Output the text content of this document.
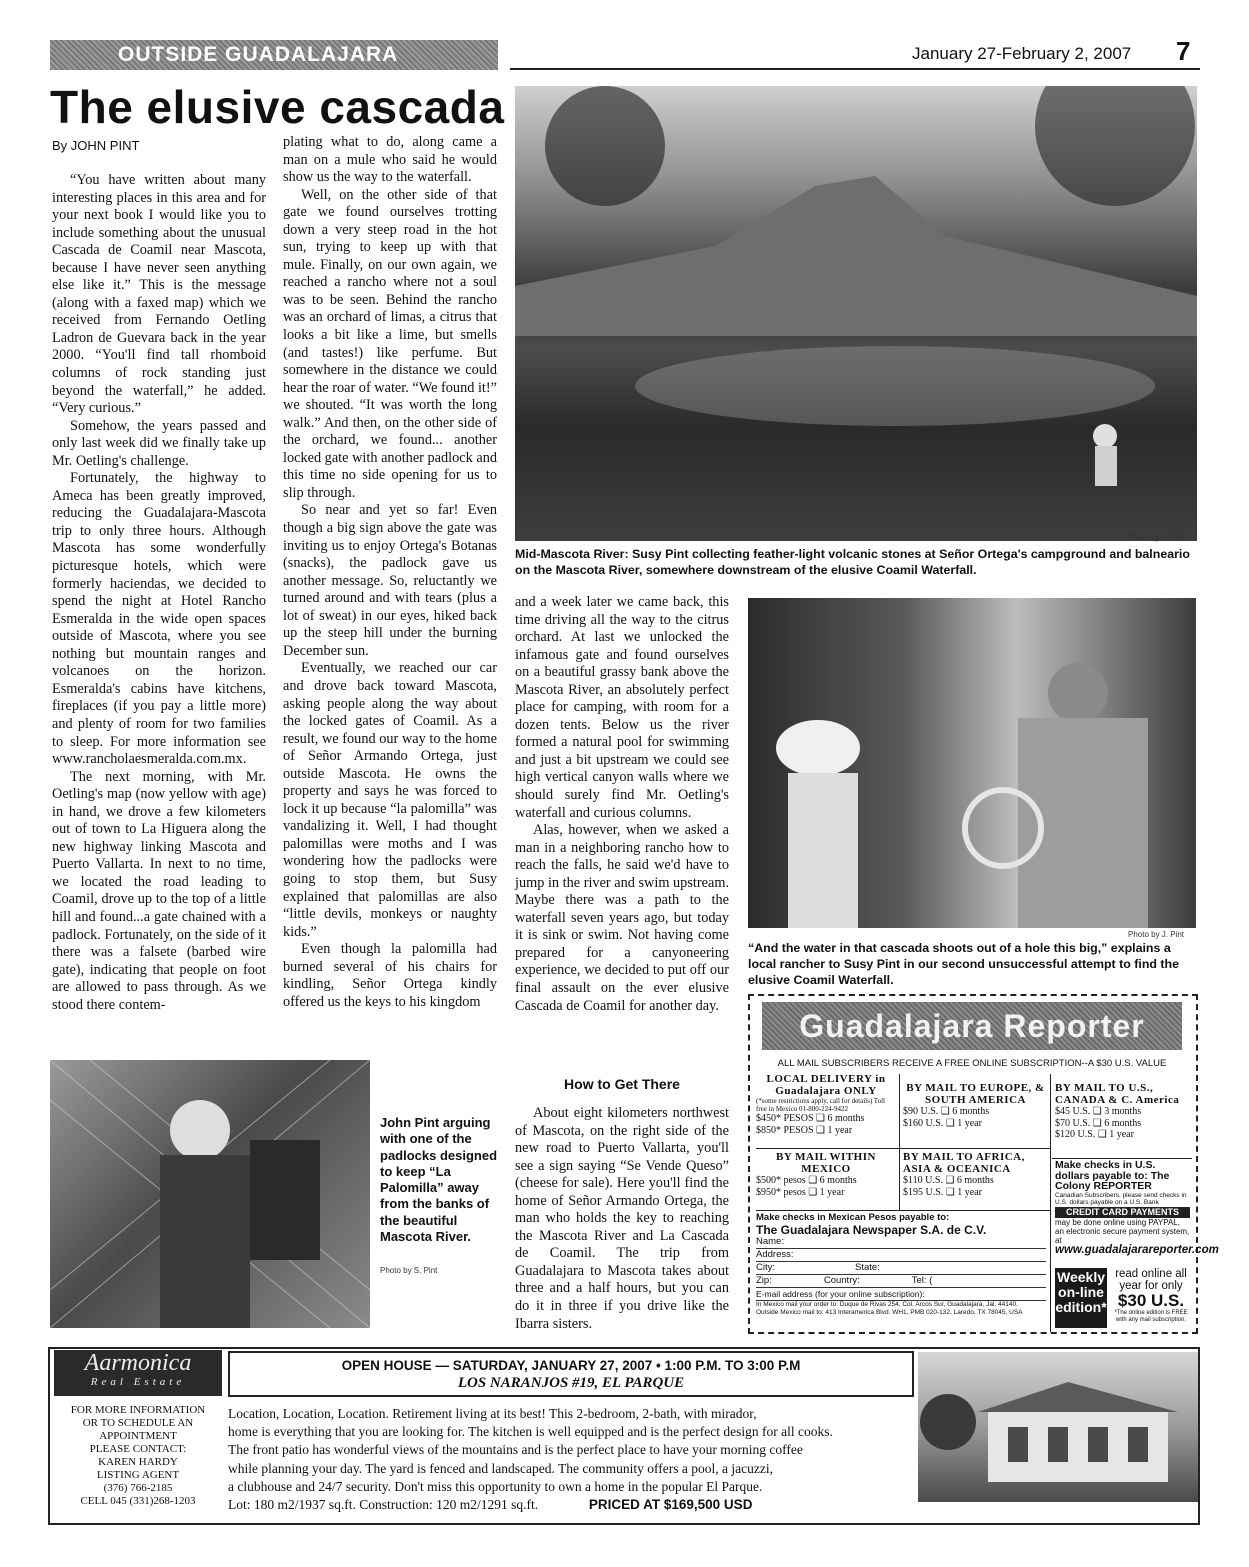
OUTSIDE GUADALAJARA	January 27-February 2, 2007 7
The elusive cascada
By JOHN PINT

“You have written about many interesting places in this area and for your next book I would like you to include something about the unusual Cascada de Coamil near Mascota, because I have never seen anything else like it.” This is the message (along with a faxed map) which we received from Fernando Oetling Ladron de Guevara back in the year 2000. “You'll find tall rhomboid columns of rock standing just beyond the waterfall,” he added. “Very curious.”

Somehow, the years passed and only last week did we finally take up Mr. Oetling's challenge.

Fortunately, the highway to Ameca has been greatly improved, reducing the Guadalajara-Mascota trip to only three hours. Although Mascota has some wonderfully picturesque hotels, which were formerly haciendas, we decided to spend the night at Hotel Rancho Esmeralda in the wide open spaces outside of Mascota, where you see nothing but mountain ranges and volcanoes on the horizon. Esmeralda's cabins have kitchens, fireplaces (if you pay a little more) and plenty of room for two families to sleep. For more information see www.rancholaesmeralda.com.mx.

The next morning, with Mr. Oetling's map (now yellow with age) in hand, we drove a few kilometers out of town to La Higuera along the new highway linking Mascota and Puerto Vallarta. In next to no time, we located the road leading to Coamil, drove up to the top of a little hill and found...a gate chained with a padlock. Fortunately, on the side of it there was a falsete (barbed wire gate), indicating that people on foot are allowed to pass through. As we stood there contem-

plating what to do, along came a man on a mule who said he would show us the way to the waterfall.

Well, on the other side of that gate we found ourselves trotting down a very steep road in the hot sun, trying to keep up with that mule. Finally, on our own again, we reached a rancho where not a soul was to be seen. Behind the rancho was an orchard of limas, a citrus that looks a bit like a lime, but smells (and tastes!) like perfume. But somewhere in the distance we could hear the roar of water. “We found it!” we shouted. “It was worth the long walk.” And then, on the other side of the orchard, we found... another locked gate with another padlock and this time no side opening for us to slip through.

So near and yet so far! Even though a big sign above the gate was inviting us to enjoy Ortega's Botanas (snacks), the padlock gave us another message. So, reluctantly we turned around and with tears (plus a lot of sweat) in our eyes, hiked back up the steep hill under the burning December sun.

Eventually, we reached our car and drove back toward Mascota, asking people along the way about the locked gates of Coamil. As a result, we found our way to the home of Señor Armando Ortega, just outside Mascota. He owns the property and says he was forced to lock it up because “la palomilla” was vandalizing it. Well, I had thought palomillas were moths and I was wondering how the padlocks were going to stop them, but Susy explained that palomillas are also “little devils, monkeys or naughty kids.”

Even though la palomilla had burned several of his chairs for kindling, Señor Ortega kindly offered us the keys to his kingdom

and a week later we came back, this time driving all the way to the citrus orchard. At last we unlocked the infamous gate and found ourselves on a beautiful grassy bank above the Mascota River, an absolutely perfect place for camping, with room for a dozen tents. Below us the river formed a natural pool for swimming and just a bit upstream we could see high vertical canyon walls where we should surely find Mr. Oetling's waterfall and curious columns.

Alas, however, when we asked a man in a neighboring rancho how to reach the falls, he said we'd have to jump in the river and swim upstream. Maybe there was a path to the waterfall seven years ago, but today it is sink or swim. Not having come prepared for a canyoneering experience, we decided to put off our final assault on the ever elusive Cascada de Coamil for another day.

How to Get There

About eight kilometers northwest of Mascota, on the right side of the new road to Puerto Vallarta, you'll see a sign saying “Se Vende Queso” (cheese for sale). Here you'll find the home of Señor Armando Ortega, the man who holds the key to reaching the Mascota River and La Cascada de Coamil. The trip from Guadalajara to Mascota takes about three and a half hours, but you can do it in three if you drive like the Ibarra sisters.

Photo by J. Pint
Mid-Mascota River: Susy Pint collecting feather-light volcanic stones at Señor Ortega's campground and balneario on the Mascota River, somewhere downstream of the elusive Coamil Waterfall.
Photo by J. Pint
“And the water in that cascada shoots out of a hole this big,” explains a local rancher to Susy Pint in our second unsuccessful attempt to find the elusive Coamil Waterfall.
John Pint arguing with one of the padlocks designed to keep “La Palomilla” away from the banks of the beautiful Mascota River.
Photo by S. Pint
Guadalajara Reporter
ALL MAIL SUBSCRIBERS RECEIVE A FREE ONLINE SUBSCRIPTION--A $30 U.S. VALUE
LOCAL DELIVERY in Guadalajara ONLY
(*some restrictions apply, call for details) Toll free in Mexico 01-800-224-9422
$450* PESOS ❑ 6 months
$850* PESOS ❑ 1 year
BY MAIL TO EUROPE, & SOUTH AMERICA
$90 U.S. ❑ 6 months
$160 U.S. ❑ 1 year
BY MAIL TO U.S., CANADA & C. America
$45 U.S. ❑ 3 months
$70 U.S. ❑ 6 months
$120 U.S. ❑ 1 year
BY MAIL WITHIN MEXICO
$500* pesos ❑ 6 months
$950* pesos ❑ 1 year
BY MAIL TO AFRICA, ASIA & OCEANICA
$110 U.S. ❑ 6 months
$195 U.S. ❑ 1 year
Make checks in U.S. dollars payable to: The Colony REPORTER
Canadian Subscribers, please send checks in U.S. dollars payable on a U.S. Bank
CREDIT CARD PAYMENTS
may be done online using PAYPAL, an electronic secure payment system, at
www.guadalajarareporter.com
Make checks in Mexican Pesos payable to:
The Guadalajara Newspaper S.A. de C.V.
Name:
Address:
City:	State:
Zip:	Country:	Tel: (
E-mail address (for your online subscription):
In Mexico mail your order to: Duque de Rivas 254, Col. Arcos Sur, Guadalajara, Jal. 44140.
Outside Mexico mail to: 413 Interamerica Blvd. WH1, PMB 020-132, Laredo, TX 78045, USA
Weekly on-line edition*
read online all year for only
$30 U.S.
*The online edition is FREE with any mail subscription.
Aarmonica
Real Estate
FOR MORE INFORMATION
OR TO SCHEDULE AN
APPOINTMENT
PLEASE CONTACT:
KAREN HARDY
LISTING AGENT
(376) 766-2185
CELL 045 (331)268-1203
OPEN HOUSE — SATURDAY, JANUARY 27, 2007 • 1:00 P.M. TO 3:00 P.M
LOS NARANJOS #19, EL PARQUE
Location, Location, Location. Retirement living at its best! This 2-bedroom, 2-bath, with mirador,
home is everything that you are looking for. The kitchen is well equipped and is the perfect design for all cooks.
The front patio has wonderful views of the mountains and is the perfect place to have your morning coffee
while planning your day. The yard is fenced and landscaped. The community offers a pool, a jacuzzi,
a clubhouse and 24/7 security. Don't miss this opportunity to own a home in the popular El Parque.
Lot: 180 m2/1937 sq.ft. Construction: 120 m2/1291 sq.ft.	PRICED AT $169,500 USD
